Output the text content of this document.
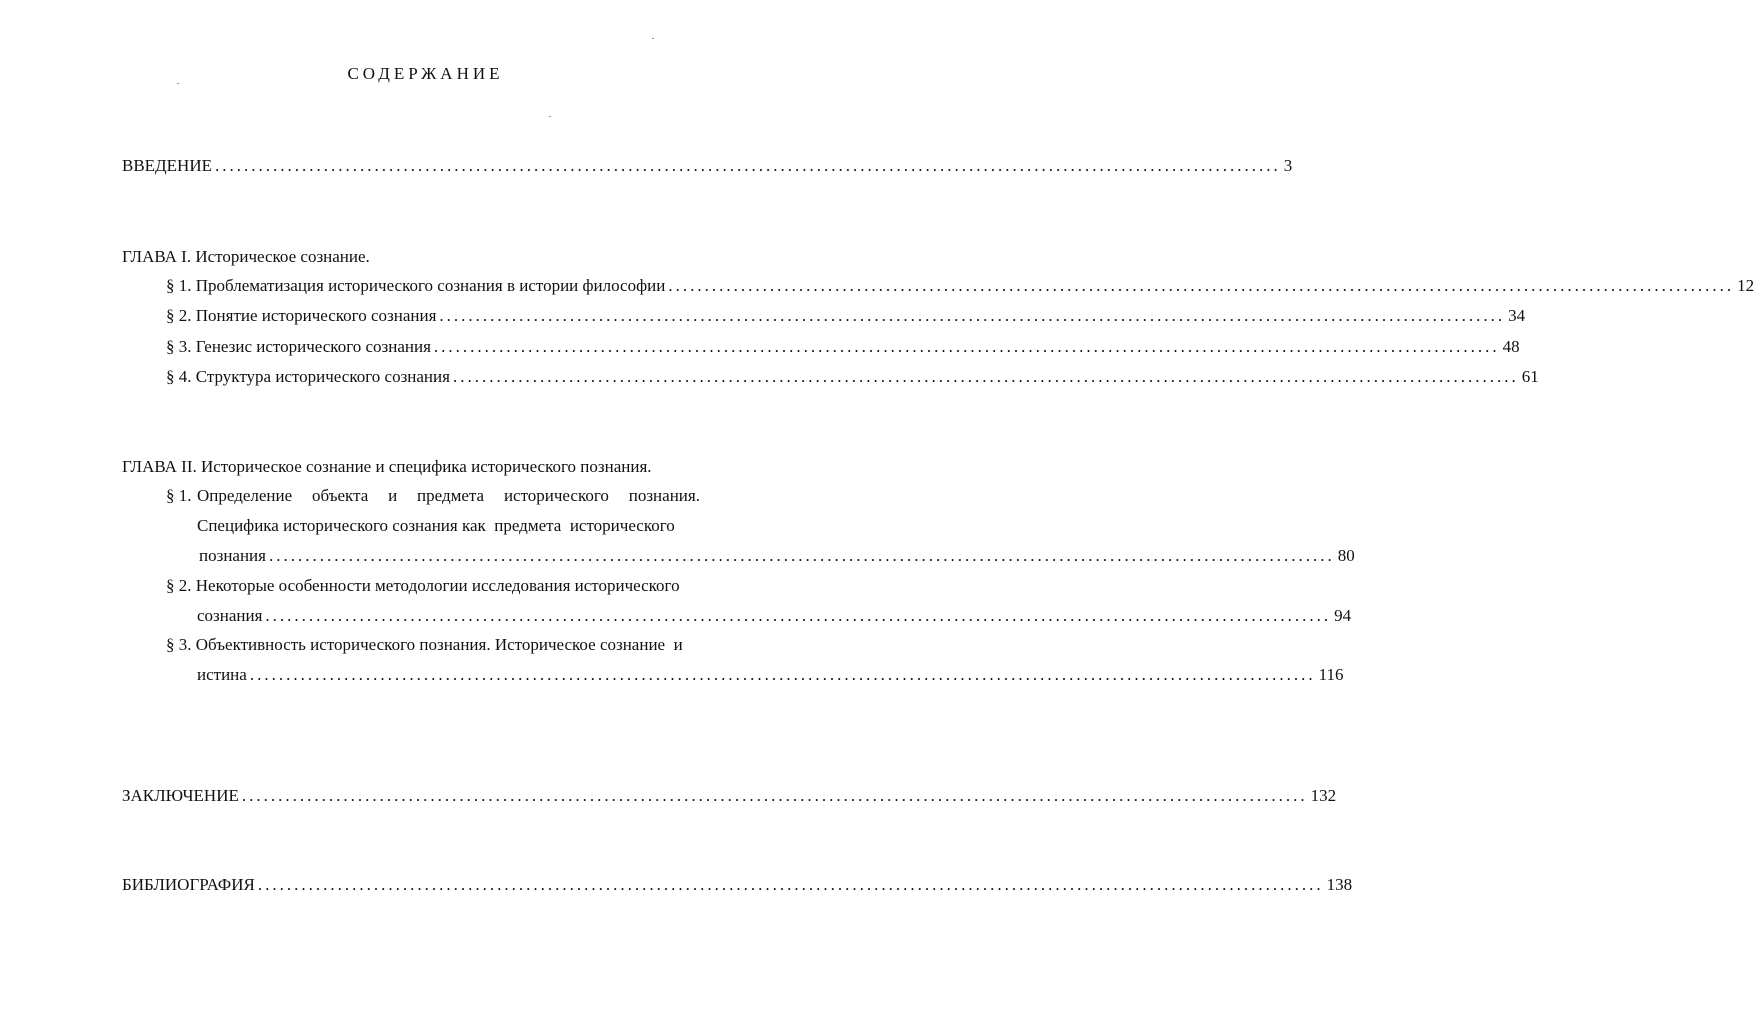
СОДЕРЖАНИЕ
ВВЕДЕНИЕ ................................................................................................................................................... 3
ГЛАВА I. Историческое сознание.
§ 1. Проблематизация исторического сознания в истории философии ................................................................................................................................................... 12
§ 2. Понятие исторического сознания ................................................................................................................................................... 34
§ 3. Генезис исторического сознания ................................................................................................................................................... 48
§ 4. Структура исторического сознания ................................................................................................................................................... 61
ГЛАВА II. Историческое сознание и специфика исторического познания.
§ 1. Определение объекта и предмета исторического познания.
Специфика исторического сознания как  предмета  исторического
познания ................................................................................................................................................... 80
§ 2. Некоторые особенности методологии исследования исторического
сознания ................................................................................................................................................... 94
§ 3. Объективность исторического познания. Историческое сознание  и
истина ................................................................................................................................................... 116
ЗАКЛЮЧЕНИЕ ................................................................................................................................................... 132
БИБЛИОГРАФИЯ ................................................................................................................................................... 138
